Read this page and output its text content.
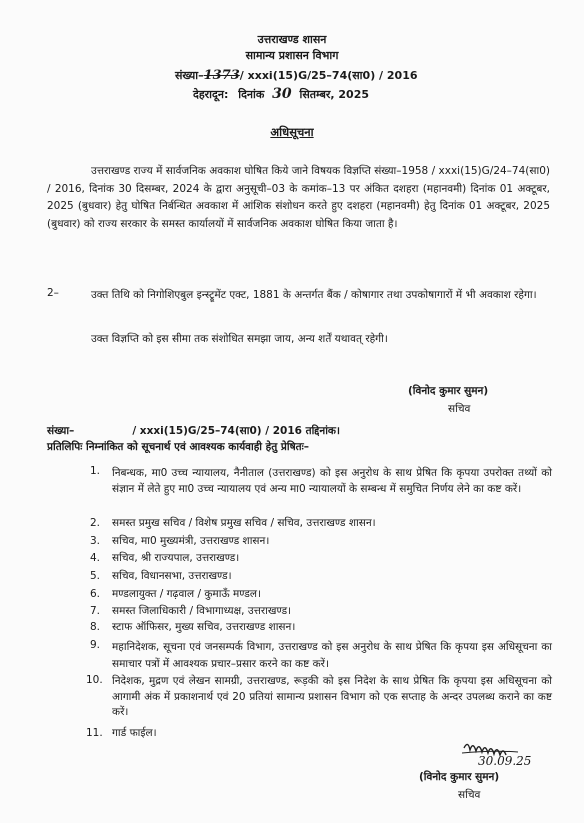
उत्तराखण्ड शासन
सामान्य प्रशासन विभाग
संख्या–1373/ xxxi(15)G/25–74(सा0) / 2016
देहरादून: दिनांक 30 सितम्बर, 2025
अधिसूचना
उत्तराखण्ड राज्य में सार्वजनिक अवकाश घोषित किये जाने विषयक विज्ञप्ति संख्या–1958 / xxxi(15)G/24–74(सा0) / 2016, दिनांक 30 दिसम्बर, 2024 के द्वारा अनुसूची–03 के कमांक–13 पर अंकित दशहरा (महानवमी) दिनांक 01 अक्टूबर, 2025 (बुधवार) हेतु घोषित निर्बन्धित अवकाश में आंशिक संशोधन करते हुए दशहरा (महानवमी) हेतु दिनांक 01 अक्टूबर, 2025 (बुधवार) को राज्य सरकार के समस्त कार्यालयों में सार्वजनिक अवकाश घोषित किया जाता है।
2–	उक्त तिथि को निगोशिएबुल इन्स्ट्रूमेंट एक्ट, 1881 के अन्तर्गत बैंक / कोषागार तथा उपकोषागारों में भी अवकाश रहेगा।
उक्त विज्ञप्ति को इस सीमा तक संशोधित समझा जाय, अन्य शर्तें यथावत् रहेगी।
(विनोद कुमार सुमन)
सचिव
संख्या–	/ xxxi(15)G/25–74(सा0) / 2016 तद्दिनांक।
प्रतिलिपिः निम्नांकित को सूचनार्थ एवं आवश्यक कार्यवाही हेतु प्रेषितः–
1. निबन्धक, मा0 उच्च न्यायालय, नैनीताल (उत्तराखण्ड) को इस अनुरोध के साथ प्रेषित कि कृपया उपरोक्त तथ्यों को संज्ञान में लेते हुए मा0 उच्च न्यायालय एवं अन्य मा0 न्यायालयों के सम्बन्ध में समुचित निर्णय लेने का कष्ट करें।
2. समस्त प्रमुख सचिव / विशेष प्रमुख सचिव / सचिव, उत्तराखण्ड शासन।
3. सचिव, मा0 मुख्यमंत्री, उत्तराखण्ड शासन।
4. सचिव, श्री राज्यपाल, उत्तराखण्ड।
5. सचिव, विधानसभा, उत्तराखण्ड।
6. मण्डलायुक्त / गढ़वाल / कुमाऊँ मण्डल।
7. समस्त जिलाधिकारी / विभागाध्यक्ष, उत्तराखण्ड।
8. स्टाफ ऑफिसर, मुख्य सचिव, उत्तराखण्ड शासन।
9. महानिदेशक, सूचना एवं जनसम्पर्क विभाग, उत्तराखण्ड को इस अनुरोध के साथ प्रेषित कि कृपया इस अधिसूचना का समाचार पत्रों में आवश्यक प्रचार–प्रसार करने का कष्ट करें।
10. निदेशक, मुद्रण एवं लेखन सामग्री, उत्तराखण्ड, रूड़की को इस निदेश के साथ प्रेषित कि कृपया इस अधिसूचना को आगामी अंक में प्रकाशनार्थ एवं 20 प्रतियां सामान्य प्रशासन विभाग को एक सप्ताह के अन्दर उपलब्ध कराने का कष्ट करें।
11. गार्ड फाईल।
30.09.25
(विनोद कुमार सुमन)
सचिव
